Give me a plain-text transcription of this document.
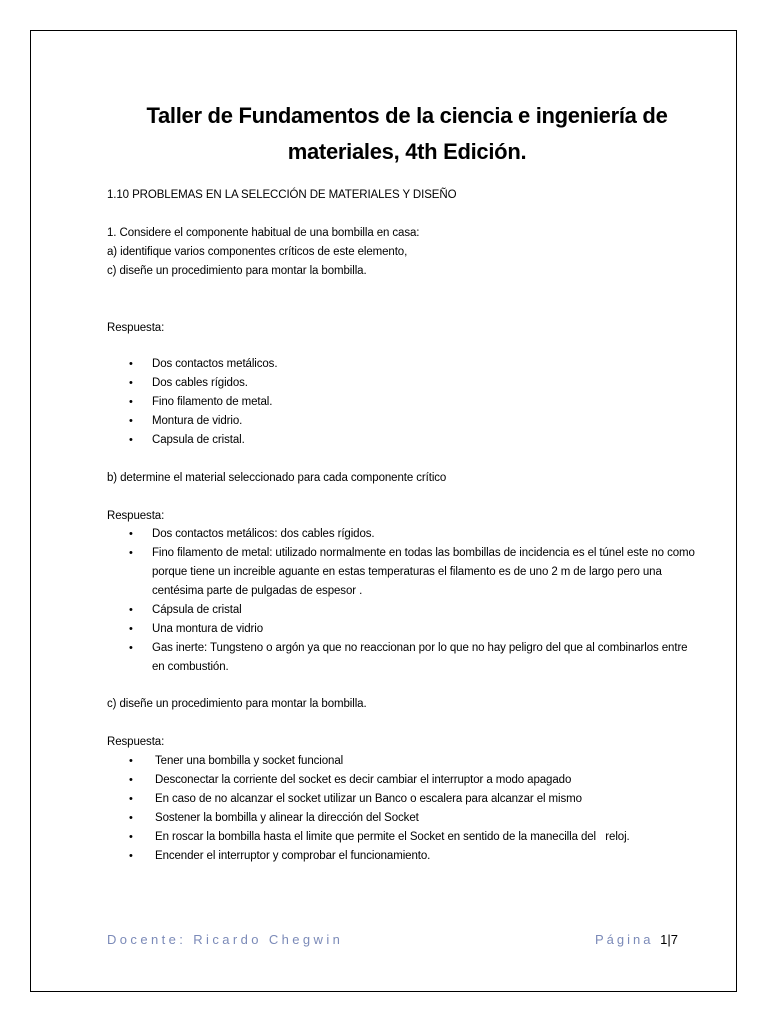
Taller de Fundamentos de la ciencia e ingeniería de materiales, 4th Edición.

1.10 PROBLEMAS EN LA SELECCIÓN DE MATERIALES Y DISEÑO

1. Considere el componente habitual de una bombilla en casa:

a) identifique varios componentes críticos de este elemento,

c) diseñe un procedimiento para montar la bombilla.

Respuesta:

• Dos contactos metálicos.
• Dos cables rígidos.
• Fino filamento de metal.
• Montura de vidrio.
• Capsula de cristal.

b) determine el material seleccionado para cada componente crítico

Respuesta:

• Dos contactos metálicos: dos cables rígidos.
• Fino filamento de metal: utilizado normalmente en todas las bombillas de incidencia es el túnel este no como porque tiene un increible aguante en estas temperaturas el filamento es de uno 2 m de largo pero una centésima parte de pulgadas de espesor .
• Cápsula de cristal
• Una montura de vidrio
• Gas inerte: Tungsteno o argón ya que no reaccionan por lo que no hay peligro del que al combinarlos entre en combustión.

c) diseñe un procedimiento para montar la bombilla.

Respuesta:

• Tener una bombilla y socket funcional
• Desconectar la corriente del socket es decir cambiar el interruptor a modo apagado
• En caso de no alcanzar el socket utilizar un Banco o escalera para alcanzar el mismo
• Sostener la bombilla y alinear la dirección del Socket
• En roscar la bombilla hasta el limite que permite el Socket en sentido de la manecilla del   reloj.
• Encender el interruptor y comprobar el funcionamiento.
Docente: Ricardo Chegwin	Página 1|7
